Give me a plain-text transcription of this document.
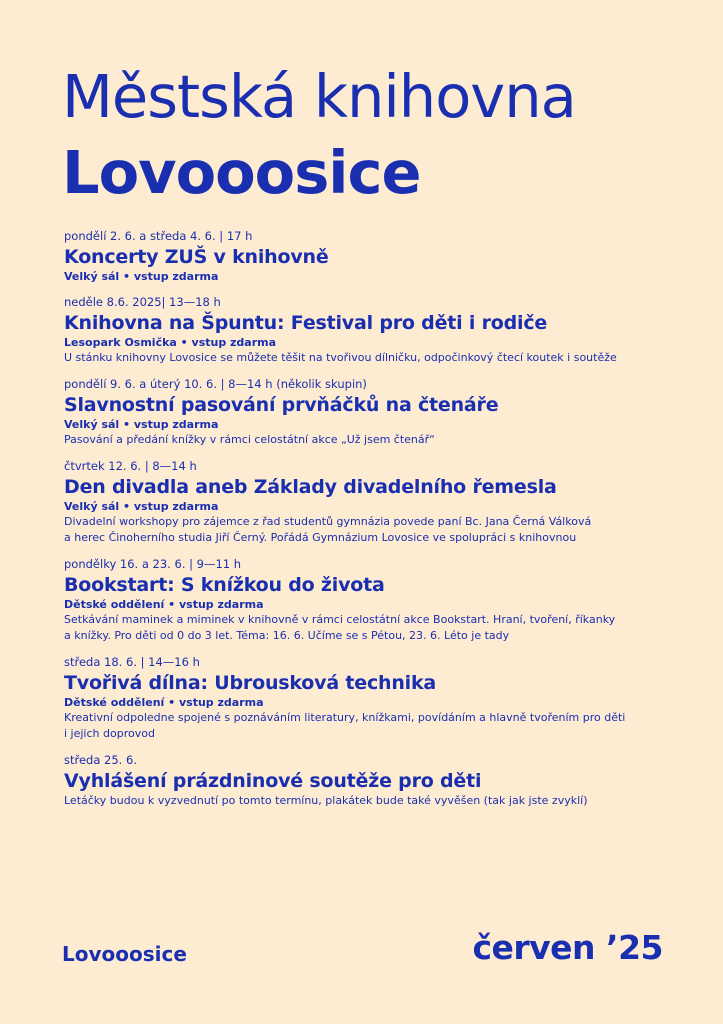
Městská knihovna
Lovooosice
pondělí 2. 6. a středa 4. 6. | 17 h
Koncerty ZUŠ v knihovně
Velký sál • vstup zdarma
neděle 8.6. 2025| 13—18 h
Knihovna na Špuntu: Festival pro děti i rodiče
Lesopark Osmička • vstup zdarma
U stánku knihovny Lovosice se můžete těšit na tvořivou dílničku, odpočinkový čtecí koutek i soutěže
pondělí 9. 6. a úterý 10. 6. | 8—14 h (několik skupin)
Slavnostní pasování prvňáčků na čtenáře
Velký sál • vstup zdarma
Pasování a předání knížky v rámci celostátní akce „Už jsem čtenář“
čtvrtek 12. 6. | 8—14 h
Den divadla aneb Základy divadelního řemesla
Velký sál • vstup zdarma
Divadelní workshopy pro zájemce z řad studentů gymnázia povede paní Bc. Jana Černá Válková
a herec Činoherního studia Jiří Černý. Pořádá Gymnázium Lovosice ve spolupráci s knihovnou
pondělky 16. a 23. 6. | 9—11 h
Bookstart: S knížkou do života
Dětské oddělení • vstup zdarma
Setkávání maminek a miminek v knihovně v rámci celostátní akce Bookstart. Hraní, tvoření, říkanky
a knížky. Pro děti od 0 do 3 let. Téma: 16. 6. Učíme se s Pétou, 23. 6. Léto je tady
středa 18. 6. | 14—16 h
Tvořivá dílna: Ubrousková technika
Dětské oddělení • vstup zdarma
Kreativní odpoledne spojené s poznáváním literatury, knížkami, povídáním a hlavně tvořením pro děti
i jejich doprovod
středa 25. 6.
Vyhlášení prázdninové soutěže pro děti
Letáčky budou k vyzvednutí po tomto termínu, plakátek bude také vyvěšen (tak jak jste zvyklí)
Lovooosice	červen ’25
